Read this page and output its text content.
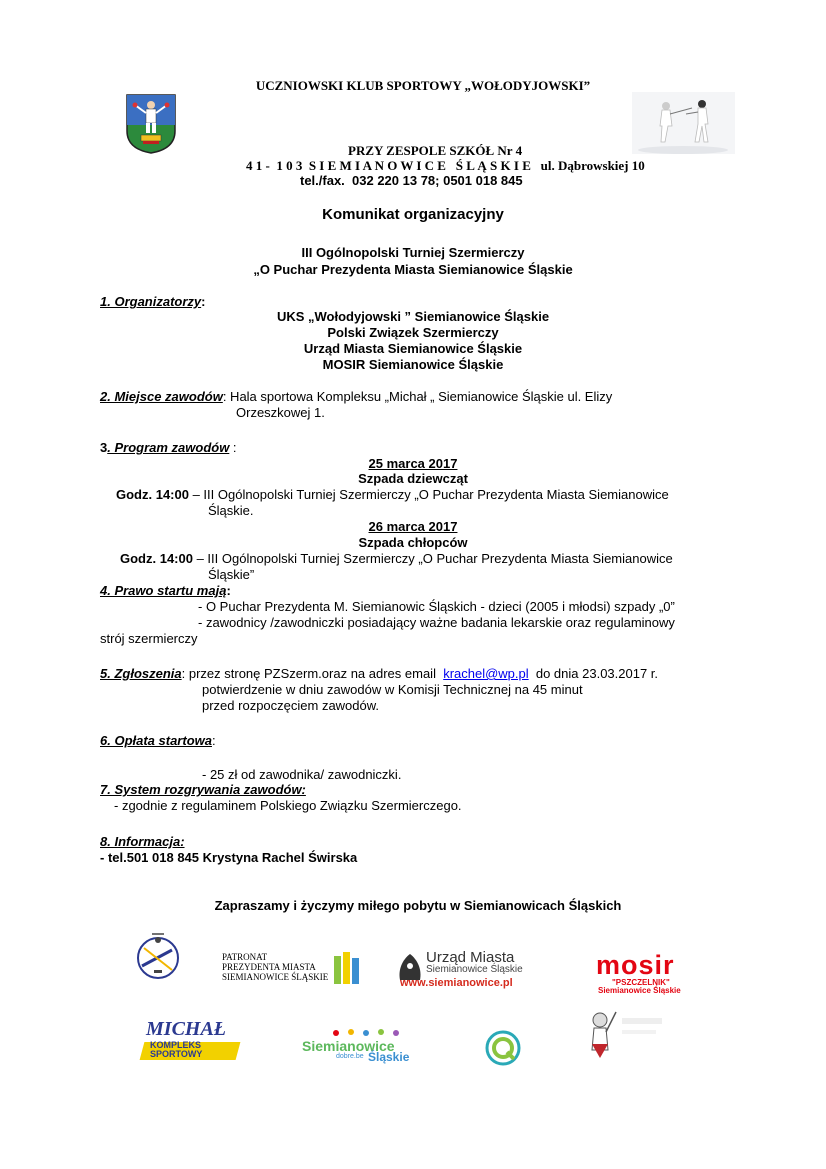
UCZNIOWSKI KLUB SPORTOWY „WOŁODYJOWSKI”
PRZY ZESPOLE SZKÓŁ Nr 4
4 1 -  1 0 3  S I E M I A N O W I C E   Ś L Ą S K I E ul. Dąbrowskiej 10
tel./fax.  032 220 13 78; 0501 018 845
Komunikat organizacyjny
III Ogólnopolski Turniej Szermierczy
„O Puchar Prezydenta Miasta Siemianowice Śląskie
1. Organizatorzy:
UKS „Wołodyjowski ” Siemianowice Śląskie
Polski Związek Szermierczy
Urząd Miasta Siemianowice Śląskie
MOSIR Siemianowice Śląskie
2. Miejsce zawodów: Hala sportowa Kompleksu „Michał „ Siemianowice Śląskie ul. Elizy
Orzeszkowej 1.
3. Program zawodów :
25 marca 2017
Szpada dziewcząt
Godz. 14:00 – III Ogólnopolski Turniej Szermierczy „O Puchar Prezydenta Miasta Siemianowice
Śląskie.
26 marca 2017
Szpada chłopców
Godz. 14:00 – III Ogólnopolski Turniej Szermierczy „O Puchar Prezydenta Miasta Siemianowice
Śląskie”
4. Prawo startu mają:
- O Puchar Prezydenta M. Siemianowic Śląskich - dzieci (2005 i młodsi) szpady „0”
- zawodnicy /zawodniczki posiadający ważne badania lekarskie oraz regulaminowy
strój szermierczy
5. Zgłoszenia: przez stronę PZSzerm.oraz na adres email  krachel@wp.pl  do dnia 23.03.2017 r.
potwierdzenie w dniu zawodów w Komisji Technicznej na 45 minut
przed rozpoczęciem zawodów.
6. Opłata startowa:
- 25 zł od zawodnika/ zawodniczki.
7. System rozgrywania zawodów:
- zgodnie z regulaminem Polskiego Związku Szermierczego.
8. Informacja:
- tel.501 018 845 Krystyna Rachel Świrska
Zapraszamy i życzymy miłego pobytu w Siemianowicach Śląskich
PATRONAT
PREZYDENTA MIASTA
SIEMIANOWICE ŚLĄSKIE
Urząd Miasta
Siemianowice Śląskie
www.siemianowice.pl
mosir
"PSZCZELNIK"
Siemianowice Śląskie
MICHAŁ
KOMPLEKS
SPORTOWY	Siemianowice
dobre.be Śląskie
